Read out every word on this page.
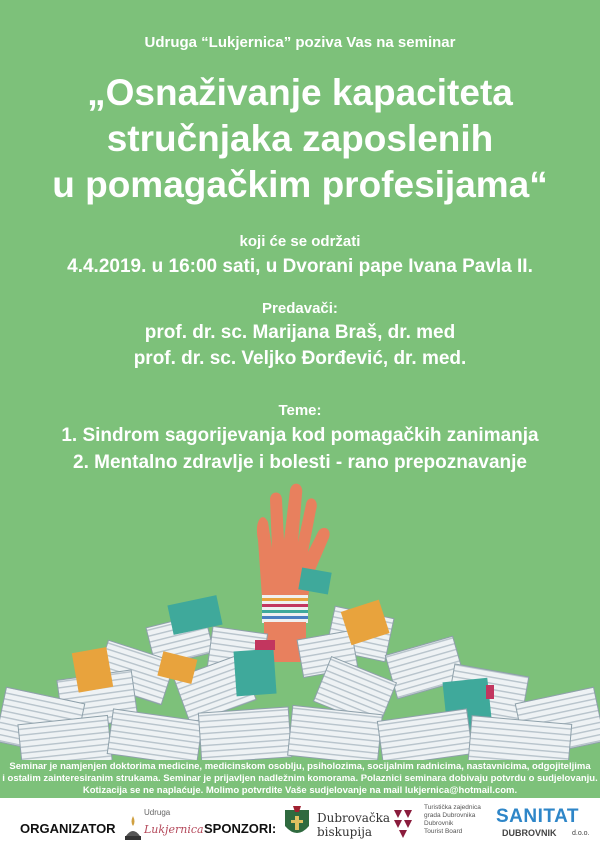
Udruga “Lukjernica” poziva Vas na seminar
„Osnaživanje kapaciteta
stručnjaka zaposlenih
u pomagačkim profesijama“
koji će se održati
4.4.2019. u 16:00 sati, u Dvorani pape Ivana Pavla II.
Predavači:
prof. dr. sc. Marijana Braš, dr. med
prof. dr. sc. Veljko Đorđević, dr. med.
Teme:
1. Sindrom sagorijevanja kod pomagačkih zanimanja
2. Mentalno zdravlje i bolesti - rano prepoznavanje
Seminar je namjenjen doktorima medicine, medicinskom osoblju, psiholozima, socijalnim radnicima, nastavnicima, odgojiteljima
i ostalim zainteresiranim strukama. Seminar je prijavljen nadležnim komorama. Polaznici seminara dobivaju potvrdu o sudjelovanju.
Kotizacija se ne naplaćuje. Molimo potvrdite Vaše sudjelovanje na mail lukjernica@hotmail.com.
ORGANIZATOR
Udruga
Lukjernica SPONZORI:
Dubrovačka
biskupija
Turistička zajednica
grada Dubrovnika
Dubrovnik
Tourist Board
SANITAT
DUBROVNIK d.o.o.
